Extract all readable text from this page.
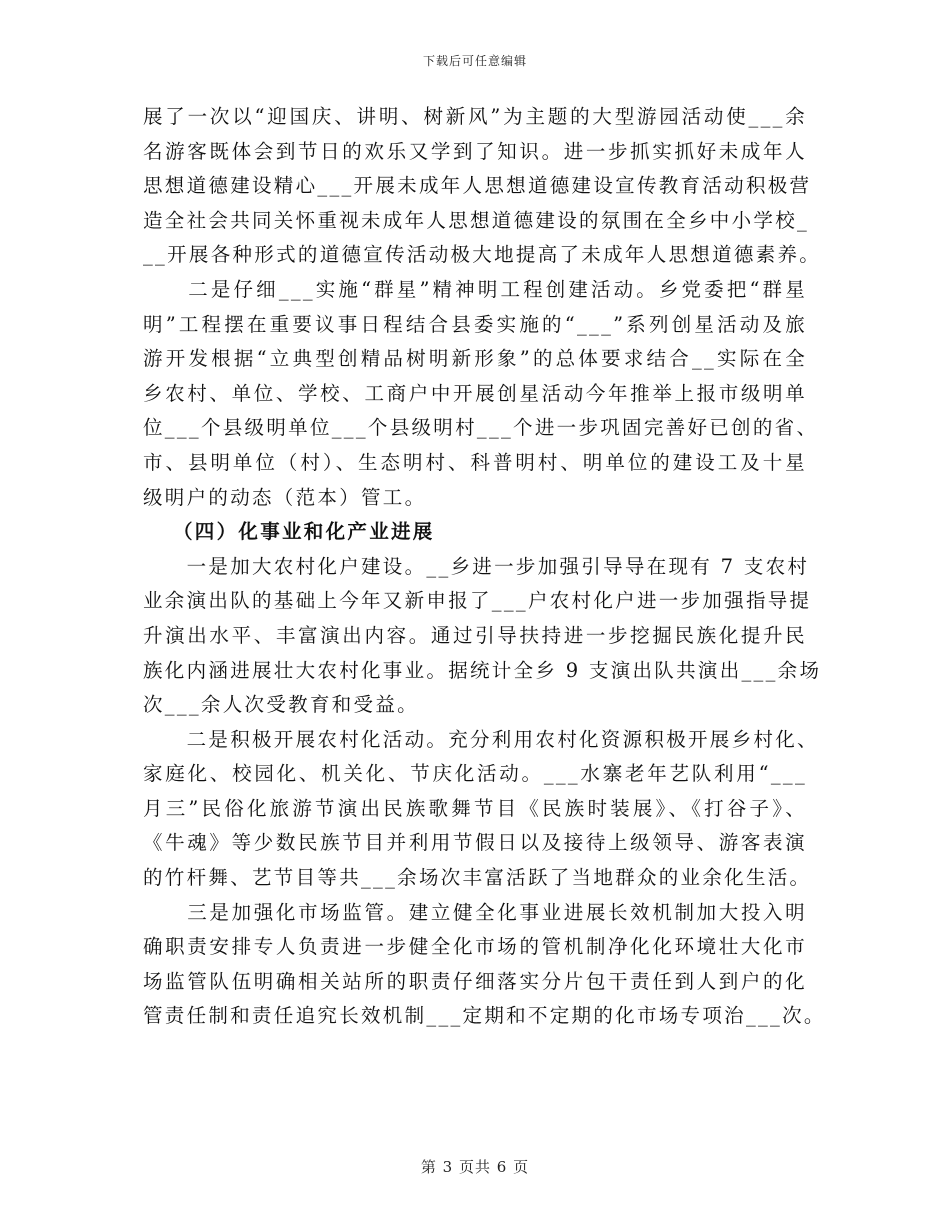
下载后可任意编辑
展了一次以“迎国庆、讲明、树新风”为主题的大型游园活动使___余
名游客既体会到节日的欢乐又学到了知识。进一步抓实抓好未成年人
思想道德建设精心___开展未成年人思想道德建设宣传教育活动积极营
造全社会共同关怀重视未成年人思想道德建设的氛围在全乡中小学校_
__开展各种形式的道德宣传活动极大地提高了未成年人思想道德素养。
　　二是仔细___实施“群星”精神明工程创建活动。乡党委把“群星
明”工程摆在重要议事日程结合县委实施的“___”系列创星活动及旅
游开发根据“立典型创精品树明新形象”的总体要求结合__实际在全
乡农村、单位、学校、工商户中开展创星活动今年推举上报市级明单
位___个县级明单位___个县级明村___个进一步巩固完善好已创的省、
市、县明单位（村）、生态明村、科普明村、明单位的建设工及十星
级明户的动态（范本）管工。
（四）化事业和化产业进展
　　一是加大农村化户建设。__乡进一步加强引导导在现有 7 支农村
业余演出队的基础上今年又新申报了___户农村化户进一步加强指导提
升演出水平、丰富演出内容。通过引导扶持进一步挖掘民族化提升民
族化内涵进展壮大农村化事业。据统计全乡 9 支演出队共演出___余场
次___余人次受教育和受益。
　　二是积极开展农村化活动。充分利用农村化资源积极开展乡村化、
家庭化、校园化、机关化、节庆化活动。___水寨老年艺队利用“___
月三”民俗化旅游节演出民族歌舞节目《民族时装展》、《打谷子》、
《牛魂》等少数民族节目并利用节假日以及接待上级领导、游客表演
的竹杆舞、艺节目等共___余场次丰富活跃了当地群众的业余化生活。
　　三是加强化市场监管。建立健全化事业进展长效机制加大投入明
确职责安排专人负责进一步健全化市场的管机制净化化环境壮大化市
场监管队伍明确相关站所的职责仔细落实分片包干责任到人到户的化
管责任制和责任追究长效机制___定期和不定期的化市场专项治___次。
第 3 页共 6 页
